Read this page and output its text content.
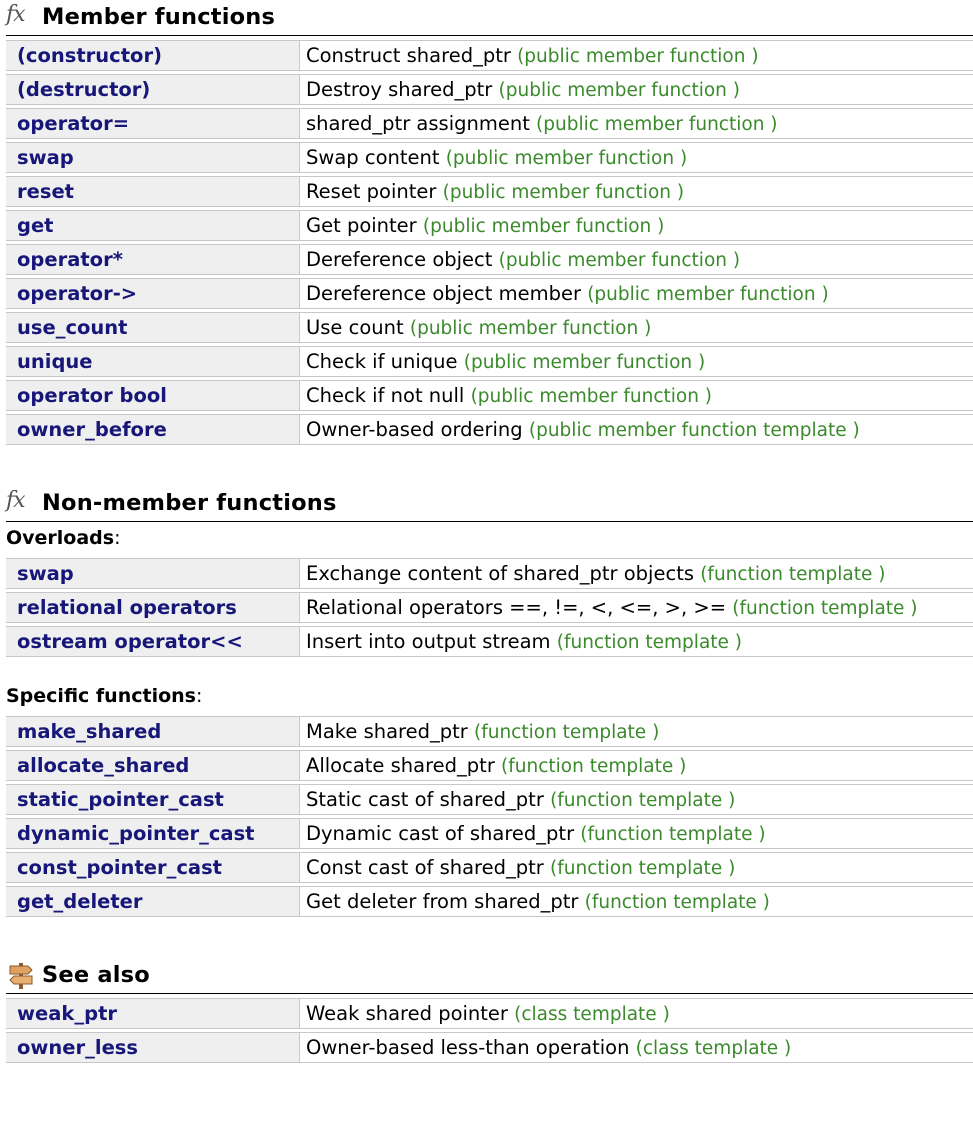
fx Member functions
(constructor)	Construct shared_ptr (public member function )
(destructor)	Destroy shared_ptr (public member function )
operator=	shared_ptr assignment (public member function )
swap	Swap content (public member function )
reset	Reset pointer (public member function )
get	Get pointer (public member function )
operator*	Dereference object (public member function )
operator->	Dereference object member (public member function )
use_count	Use count (public member function )
unique	Check if unique (public member function )
operator bool	Check if not null (public member function )
owner_before	Owner-based ordering (public member function template )
fx Non-member functions
Overloads:
swap	Exchange content of shared_ptr objects (function template )
relational operators	Relational operators ==, !=, <, <=, >, >= (function template )
ostream operator<<	Insert into output stream (function template )
Specific functions:
make_shared	Make shared_ptr (function template )
allocate_shared	Allocate shared_ptr (function template )
static_pointer_cast	Static cast of shared_ptr (function template )
dynamic_pointer_cast	Dynamic cast of shared_ptr (function template )
const_pointer_cast	Const cast of shared_ptr (function template )
get_deleter	Get deleter from shared_ptr (function template )
See also
weak_ptr	Weak shared pointer (class template )
owner_less	Owner-based less-than operation (class template )
